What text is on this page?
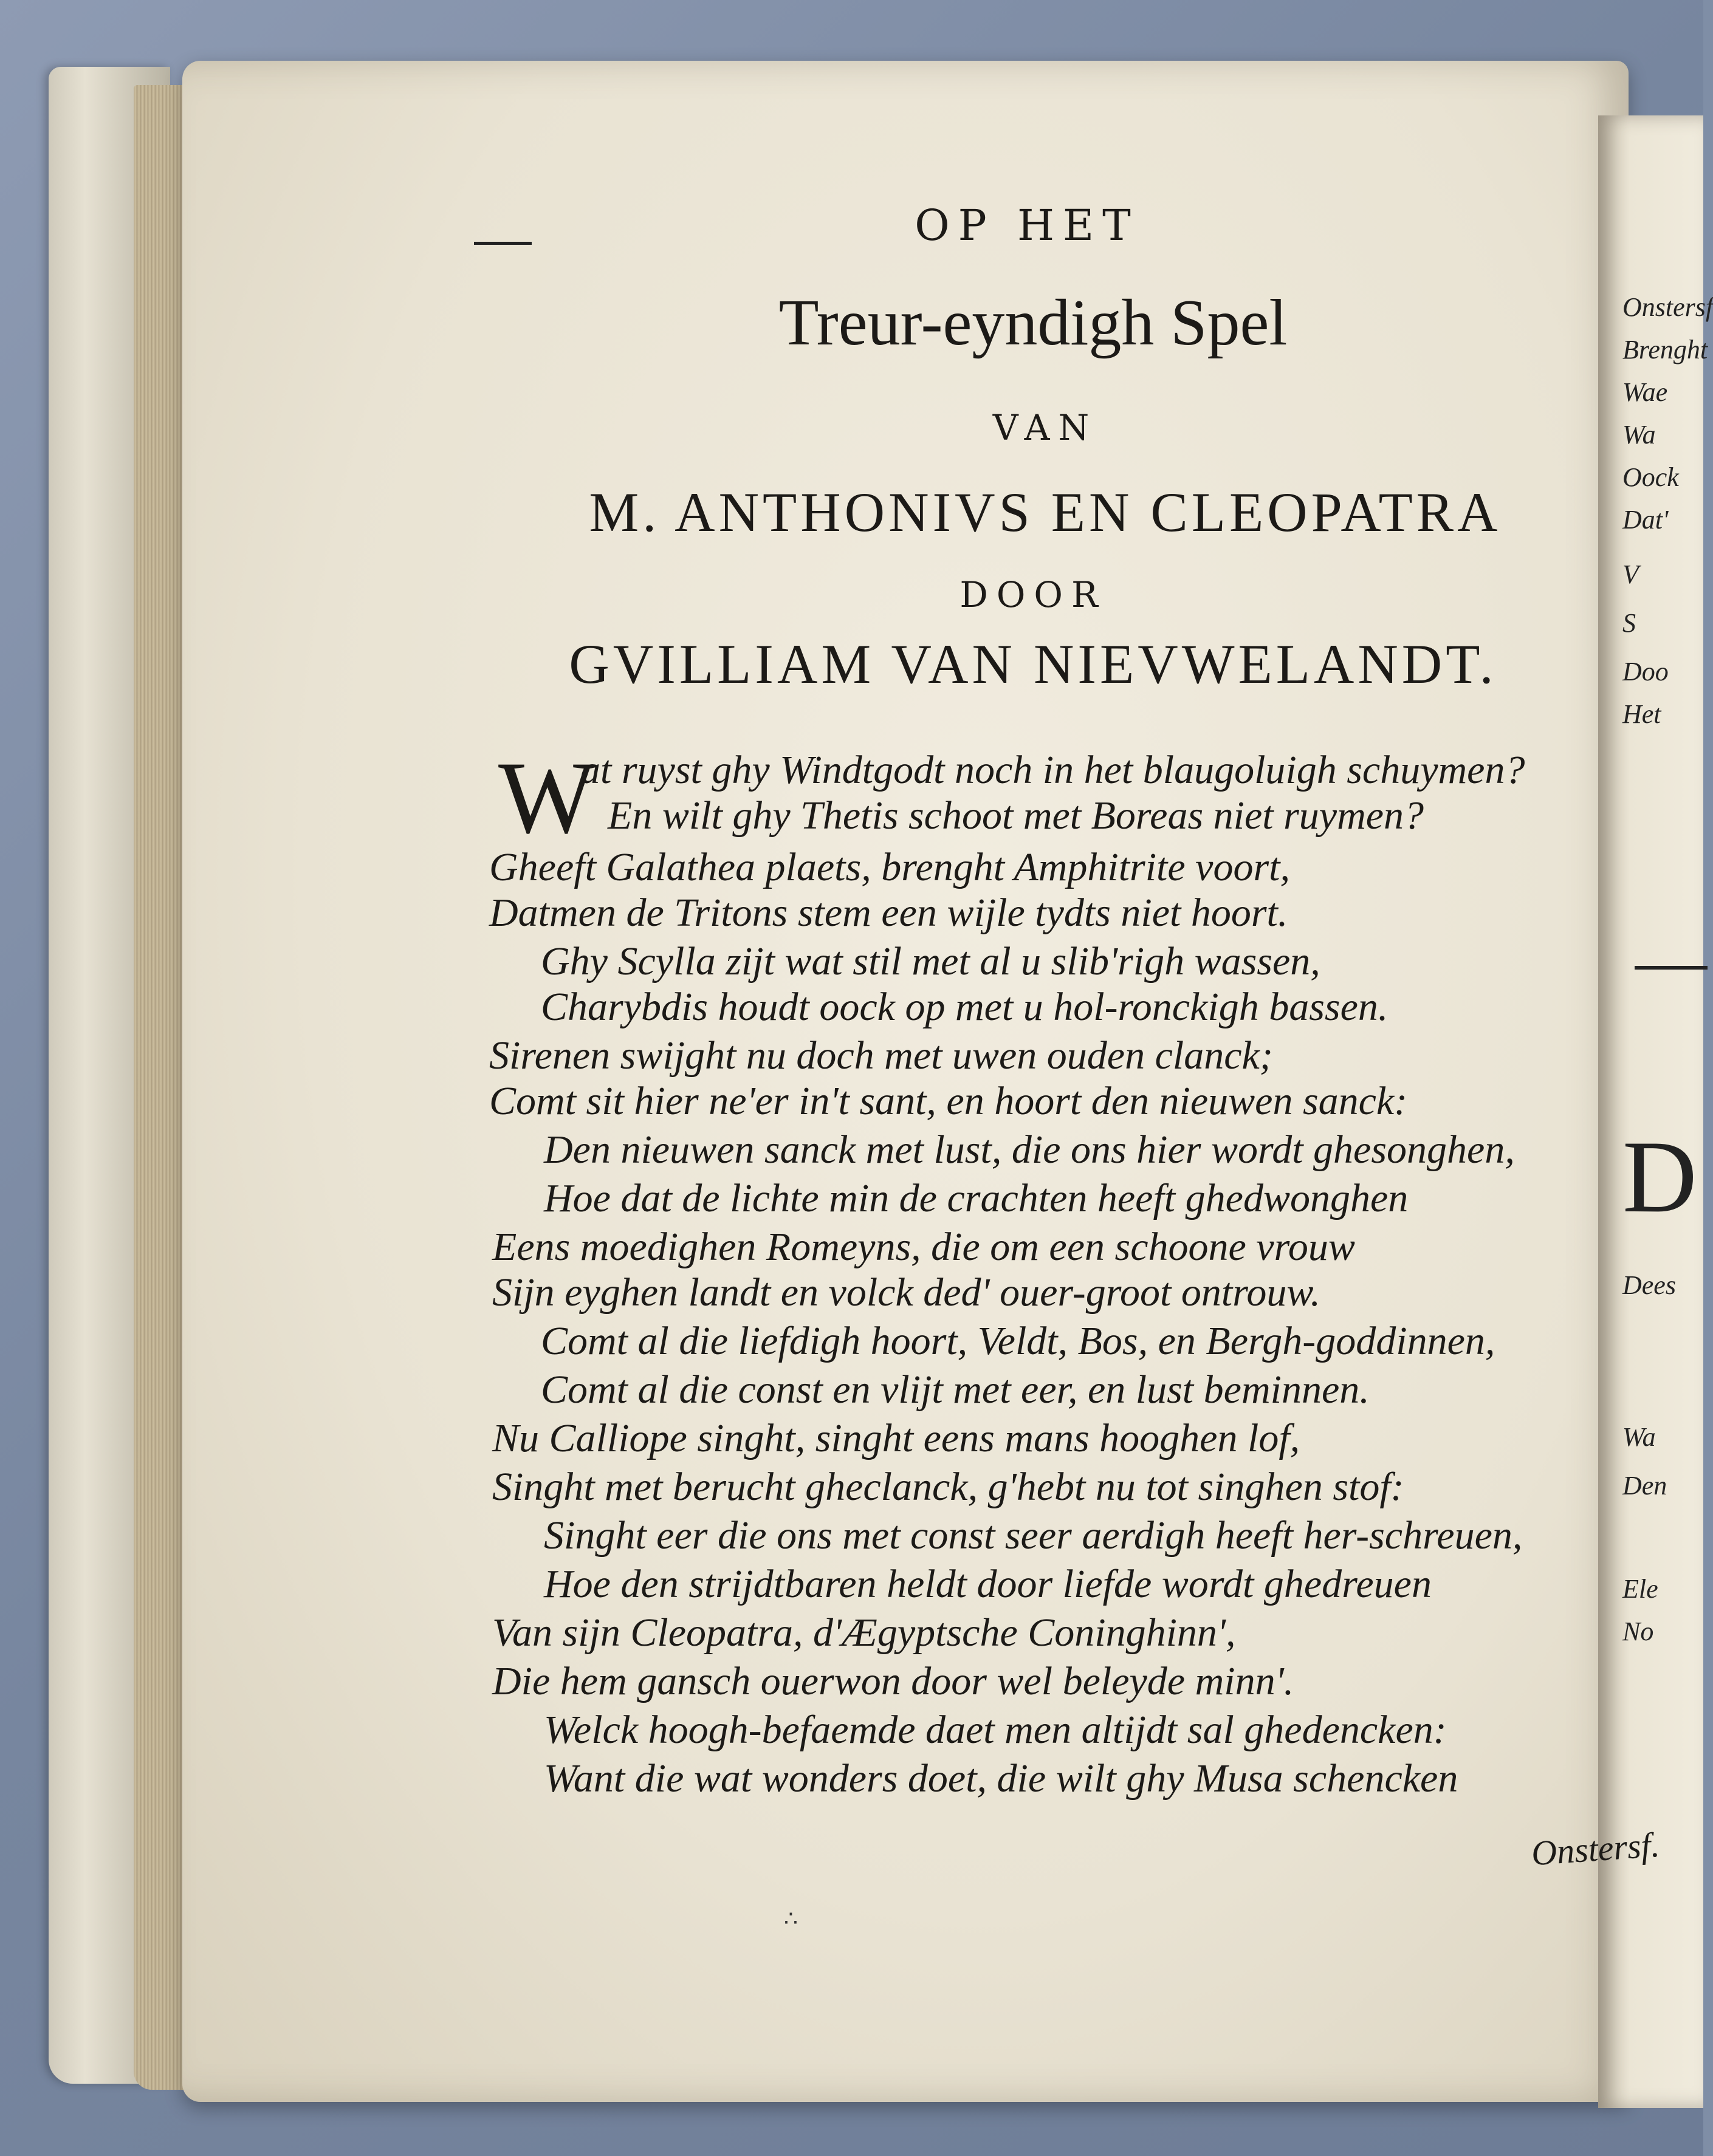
Onstersf
Brenght
Wae
Wa
Oock
Dat'
V
S
Doo
Het
D
Dees
Wa
Den
Ele
No
OP HET
Treur-eyndigh Spel
VAN
M. ANTHONIVS EN CLEOPATRA
DOOR
GVILLIAM VAN NIEVWELANDT.
W
at ruyst ghy Windtgodt noch in het blaugoluigh schuymen?
En wilt ghy Thetis schoot met Boreas niet ruymen?
Gheeft Galathea plaets, brenght Amphitrite voort,
Datmen de Tritons stem een wijle tydts niet hoort.
Ghy Scylla zijt wat stil met al u slib'righ wassen,
Charybdis houdt oock op met u hol-ronckigh bassen.
Sirenen swijght nu doch met uwen ouden clanck;
Comt sit hier ne'er in't sant, en hoort den nieuwen sanck:
Den nieuwen sanck met lust, die ons hier wordt ghesonghen,
Hoe dat de lichte min de crachten heeft ghedwonghen
Eens moedighen Romeyns, die om een schoone vrouw
Sijn eyghen landt en volck ded' ouer-groot ontrouw.
Comt al die liefdigh hoort, Veldt, Bos, en Bergh-goddinnen,
Comt al die const en vlijt met eer, en lust beminnen.
Nu Calliope singht, singht eens mans hooghen lof,
Singht met berucht gheclanck, g'hebt nu tot singhen stof:
Singht eer die ons met const seer aerdigh heeft her-schreuen,
Hoe den strijdtbaren heldt door liefde wordt ghedreuen
Van sijn Cleopatra, d'Ægyptsche Coninghinn',
Die hem gansch ouerwon door wel beleyde minn'.
Welck hoogh-befaemde daet men altijdt sal ghedencken:
Want die wat wonders doet, die wilt ghy Musa schencken
Onstersf.
∴
